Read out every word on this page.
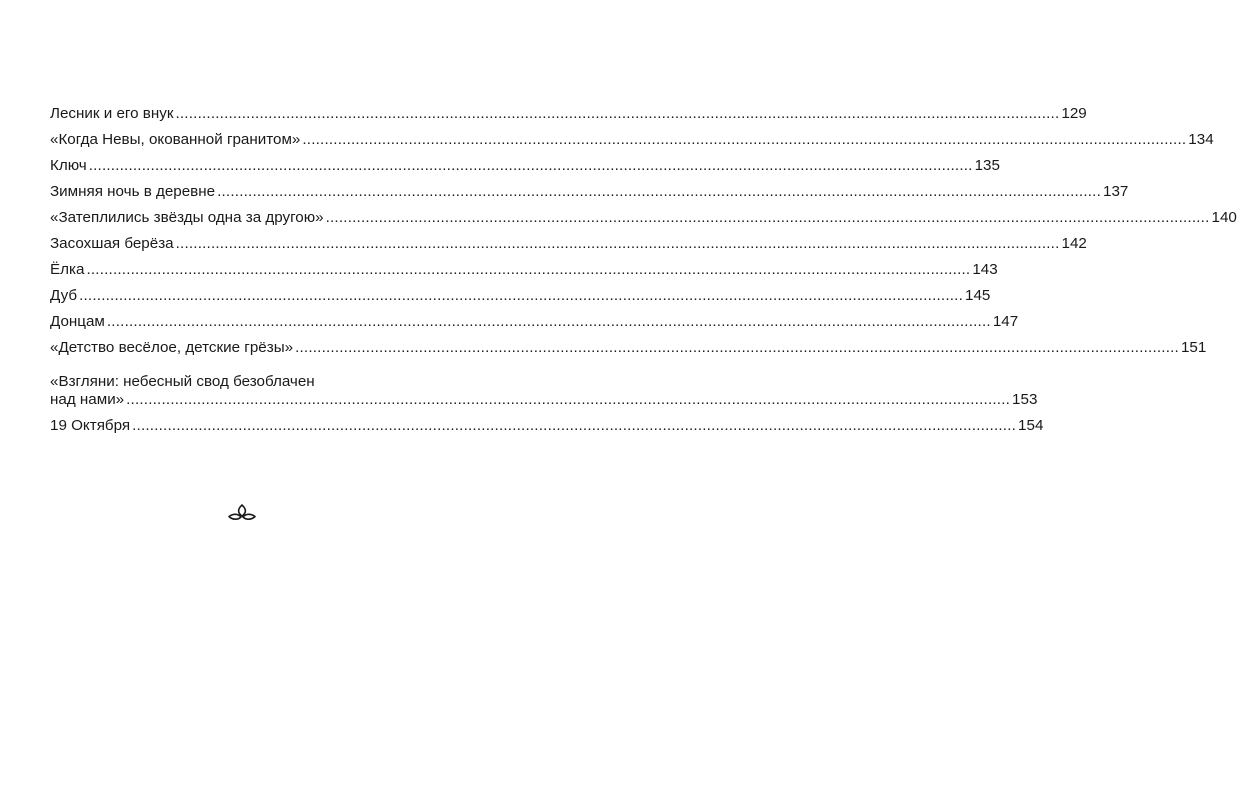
Лесник и его внук ........................................................................................................................................................................................................ 129
«Когда Невы, окованной гранитом» ........................................................................................................................................................................................................ 134
Ключ ........................................................................................................................................................................................................ 135
Зимняя ночь в деревне ........................................................................................................................................................................................................ 137
«Затеплились звёзды одна за другою» ........................................................................................................................................................................................................ 140
Засохшая берёза ........................................................................................................................................................................................................ 142
Ёлка ........................................................................................................................................................................................................ 143
Дуб ........................................................................................................................................................................................................ 145
Донцам ........................................................................................................................................................................................................ 147
«Детство весёлое, детские грёзы» ........................................................................................................................................................................................................ 151
«Взгляни: небесный свод безоблачен
над нами» ........................................................................................................................................................................................................ 153
19 Октября ........................................................................................................................................................................................................ 154
